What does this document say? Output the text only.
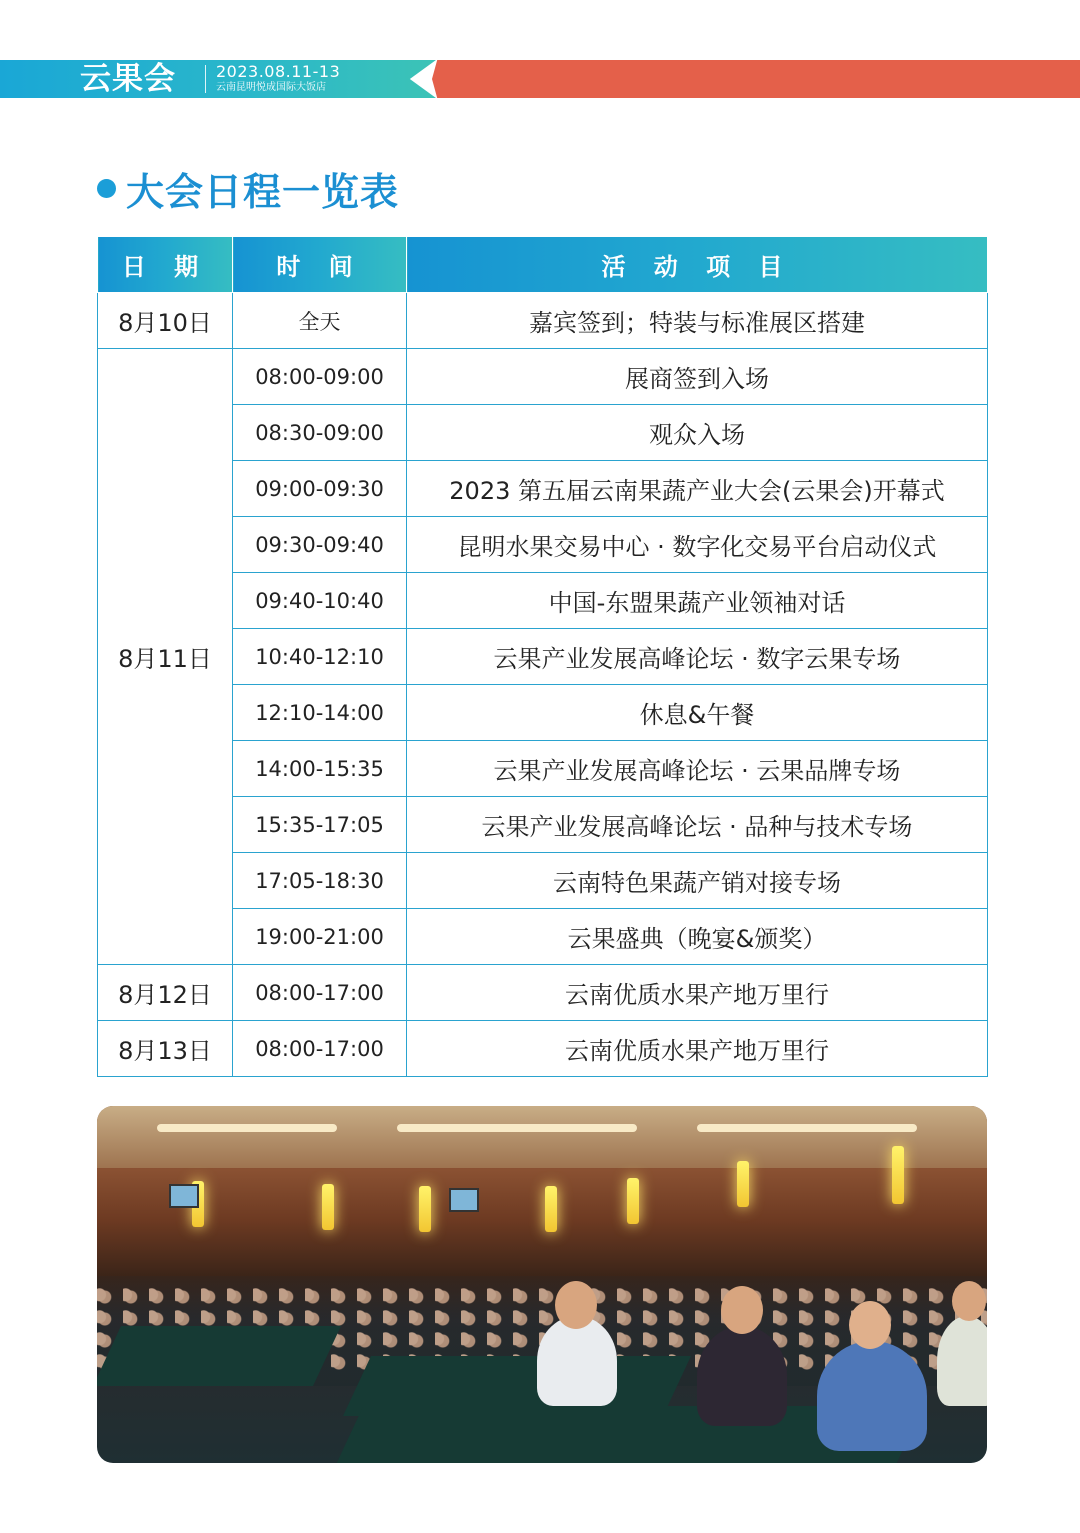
云果会	2023.08.11-13
云南昆明悦成国际大饭店
大会日程一览表
日 期	时 间	活 动 项 目
8月10日	全天	嘉宾签到；特装与标准展区搭建
8月11日	08:00-09:00	展商签到入场
	08:30-09:00	观众入场
	09:00-09:30	2023 第五届云南果蔬产业大会(云果会)开幕式
	09:30-09:40	昆明水果交易中心 · 数字化交易平台启动仪式
	09:40-10:40	中国-东盟果蔬产业领袖对话
	10:40-12:10	云果产业发展高峰论坛 · 数字云果专场
	12:10-14:00	休息&午餐
	14:00-15:35	云果产业发展高峰论坛 · 云果品牌专场
	15:35-17:05	云果产业发展高峰论坛 · 品种与技术专场
	17:05-18:30	云南特色果蔬产销对接专场
	19:00-21:00	云果盛典（晚宴&颁奖）
8月12日	08:00-17:00	云南优质水果产地万里行
8月13日	08:00-17:00	云南优质水果产地万里行
